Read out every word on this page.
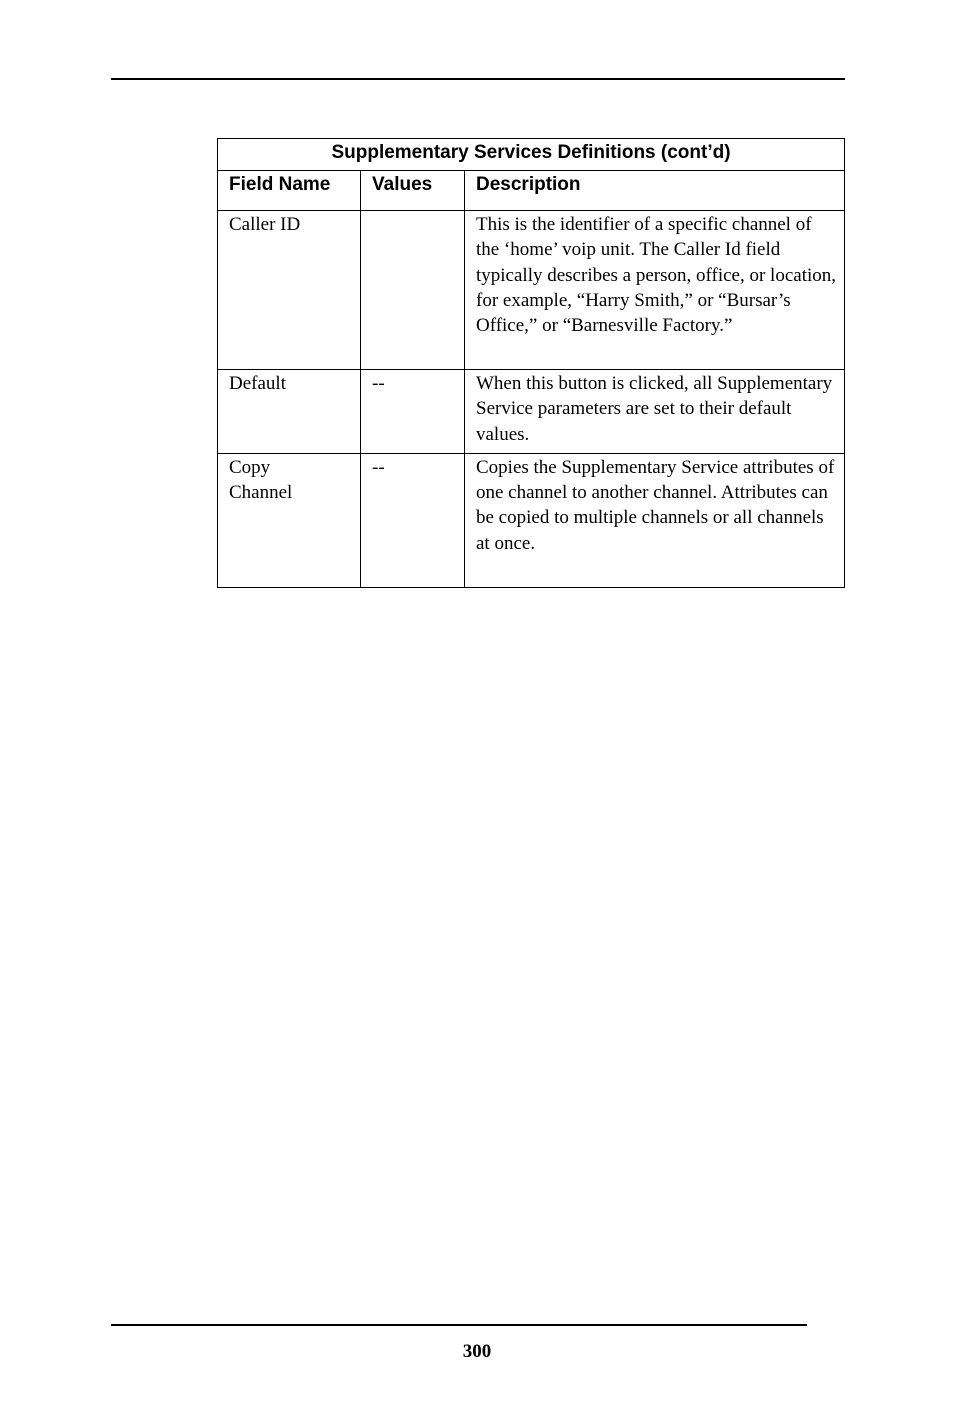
Supplementary Services Definitions (cont’d)		
Field Name	Values	Description
Caller ID		This is the identifier of a specific channel of the ‘home’ voip unit. The Caller Id field typically describes a person, office, or location, for example, “Harry Smith,” or “Bursar’s Office,” or “Barnesville Factory.”
Default	--	When this button is clicked, all Supplementary Service parameters are set to their default values.
Copy Channel	--	Copies the Supplementary Service attributes of one channel to another channel. Attributes can be copied to multiple channels or all channels at once.
300
